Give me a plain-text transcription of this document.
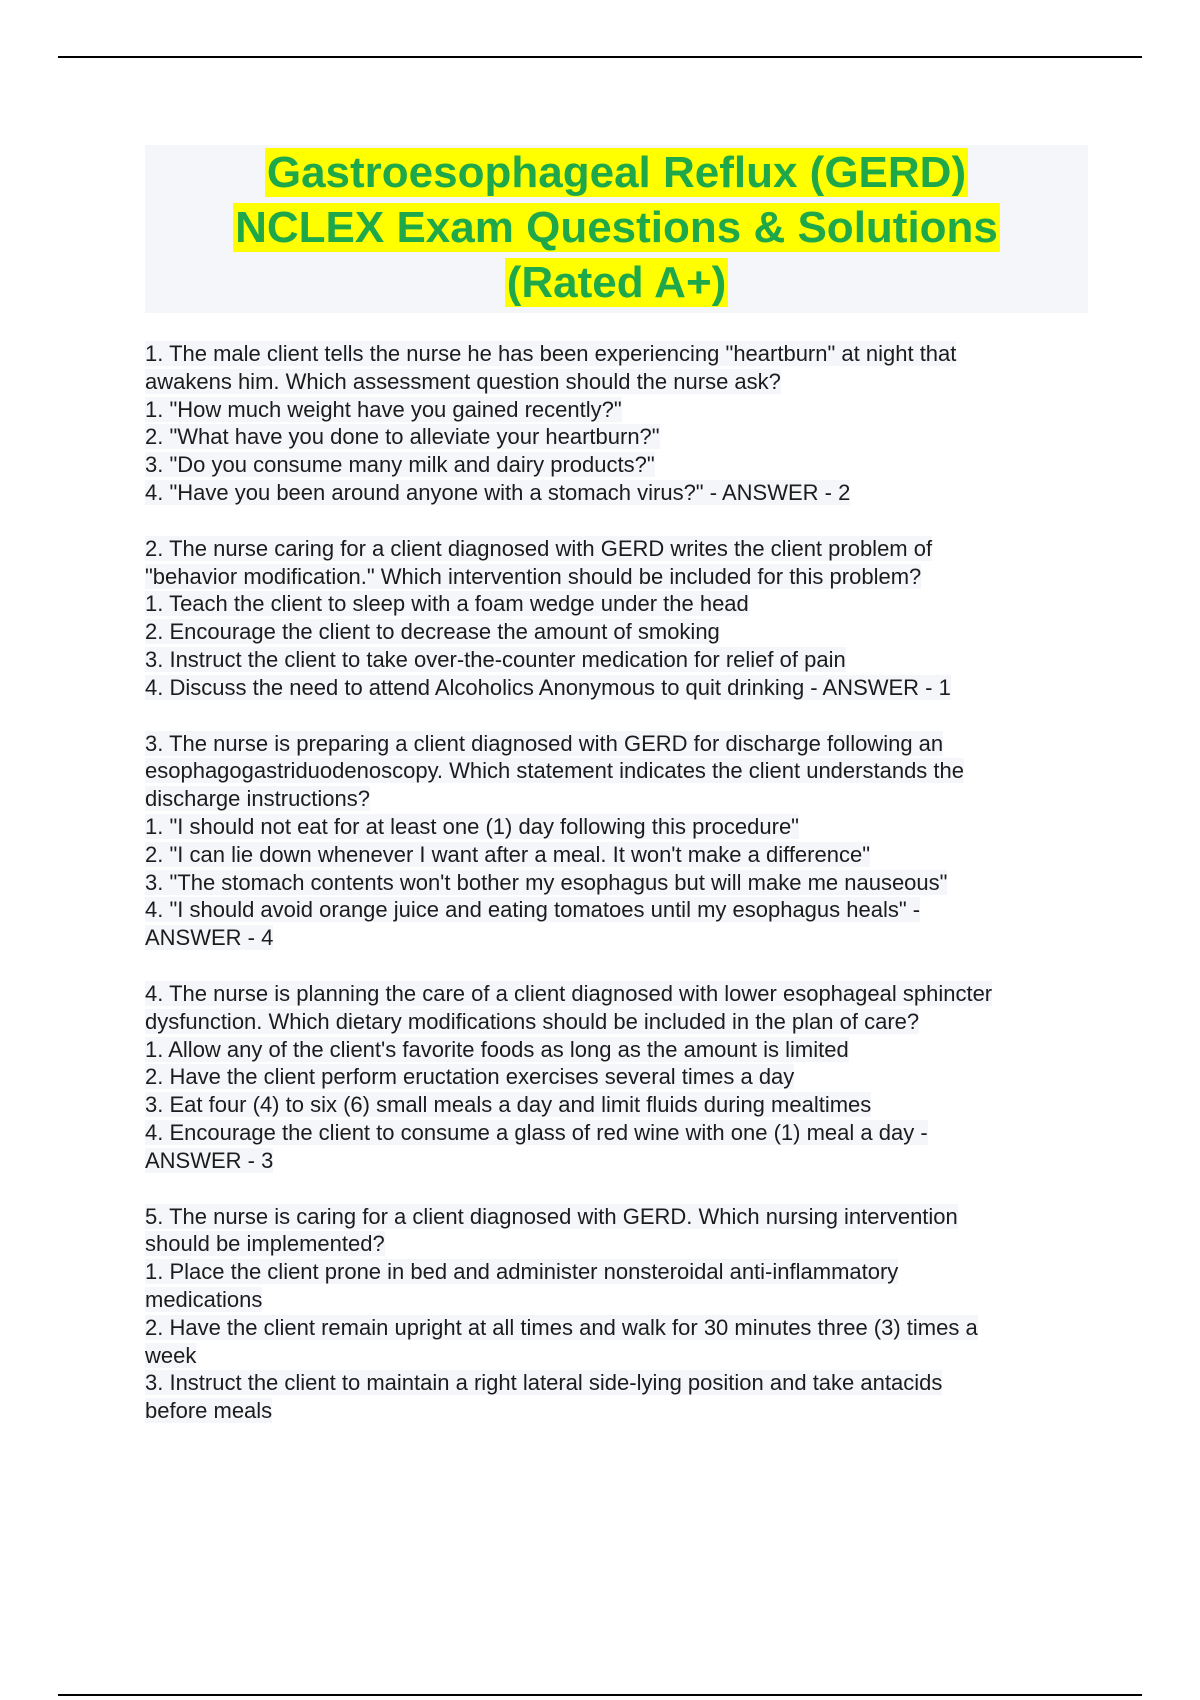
Gastroesophageal Reflux (GERD)
NCLEX Exam Questions & Solutions
(Rated A+)
1. The male client tells the nurse he has been experiencing "heartburn" at night that
awakens him. Which assessment question should the nurse ask?
1. "How much weight have you gained recently?"
2. "What have you done to alleviate your heartburn?"
3. "Do you consume many milk and dairy products?"
4. "Have you been around anyone with a stomach virus?" - ANSWER - 2
2. The nurse caring for a client diagnosed with GERD writes the client problem of
"behavior modification." Which intervention should be included for this problem?
1. Teach the client to sleep with a foam wedge under the head
2. Encourage the client to decrease the amount of smoking
3. Instruct the client to take over-the-counter medication for relief of pain
4. Discuss the need to attend Alcoholics Anonymous to quit drinking - ANSWER - 1
3. The nurse is preparing a client diagnosed with GERD for discharge following an
esophagogastriduodenoscopy. Which statement indicates the client understands the
discharge instructions?
1. "I should not eat for at least one (1) day following this procedure"
2. "I can lie down whenever I want after a meal. It won't make a difference"
3. "The stomach contents won't bother my esophagus but will make me nauseous"
4. "I should avoid orange juice and eating tomatoes until my esophagus heals" -
ANSWER - 4
4. The nurse is planning the care of a client diagnosed with lower esophageal sphincter
dysfunction. Which dietary modifications should be included in the plan of care?
1. Allow any of the client's favorite foods as long as the amount is limited
2. Have the client perform eructation exercises several times a day
3. Eat four (4) to six (6) small meals a day and limit fluids during mealtimes
4. Encourage the client to consume a glass of red wine with one (1) meal a day -
ANSWER - 3
5. The nurse is caring for a client diagnosed with GERD. Which nursing intervention
should be implemented?
1. Place the client prone in bed and administer nonsteroidal anti-inflammatory
medications
2. Have the client remain upright at all times and walk for 30 minutes three (3) times a
week
3. Instruct the client to maintain a right lateral side-lying position and take antacids
before meals
